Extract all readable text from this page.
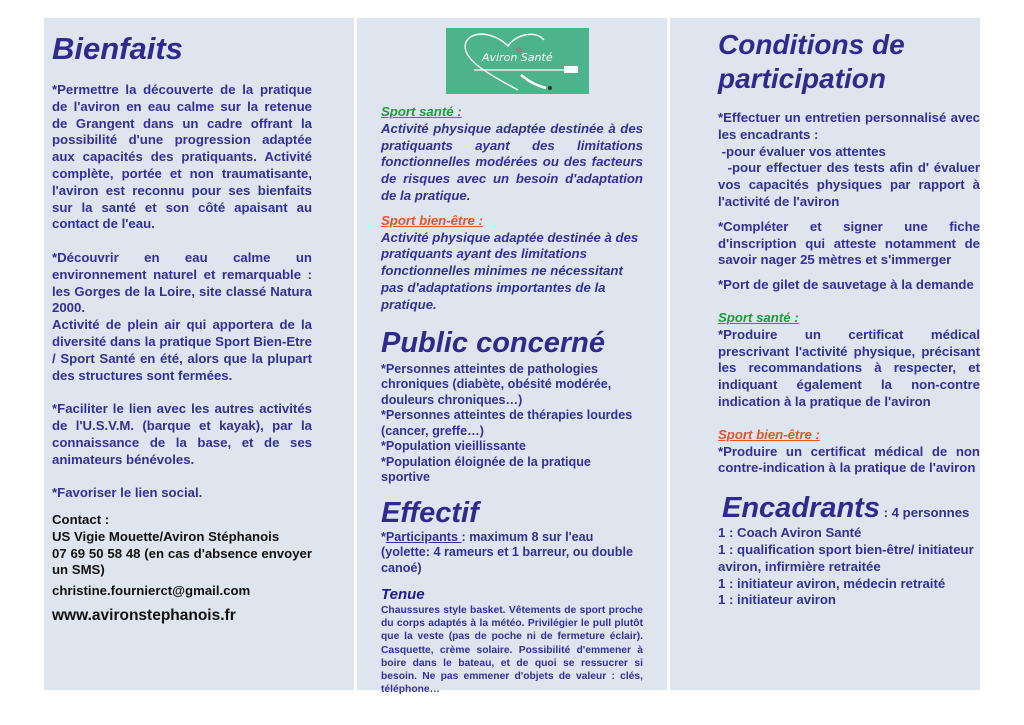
Bienfaits

*Permettre la découverte de la pratique de l'aviron en eau calme sur la retenue de Grangent dans un cadre offrant la possibilité d'une progression adaptée aux capacités des pratiquants. Activité complète, portée et non traumatisante, l'aviron est reconnu pour ses bienfaits sur la santé et son côté apaisant au contact de l'eau.

*Découvrir en eau calme un environnement naturel et remarquable : les Gorges de la Loire, site classé Natura 2000.

Activité de plein air qui apportera de la diversité dans la pratique Sport Bien-Etre / Sport Santé en été, alors que la plupart des structures sont fermées.

*Faciliter le lien avec les autres activités de l'U.S.V.M. (barque et kayak), par la connaissance de la base, et de ses animateurs bénévoles.

*Favoriser le lien social.

Contact :

US Vigie Mouette/Aviron Stéphanois

07 69 50 58 48 (en cas d'absence envoyer un SMS)

christine.fournierct@gmail.com

www.avironstephanois.fr

Aviron Santé
Sport santé :

Activité physique adaptée destinée à des pratiquants ayant des limitations fonctionnelles modérées ou des facteurs de risques avec un besoin d'adaptation de la pratique.

Sport bien-être :

Activité physique adaptée destinée à des pratiquants ayant des limitations fonctionnelles minimes ne nécessitant pas d'adaptations importantes de la pratique.

Public concerné

*Personnes atteintes de pathologies chroniques (diabète, obésité modérée, douleurs chroniques…)

*Personnes atteintes de thérapies lourdes (cancer, greffe…)

*Population vieillissante

*Population éloignée de la pratique sportive

Effectif

*Participants : maximum 8 sur l'eau (yolette: 4 rameurs et 1 barreur, ou double canoé)

Tenue

Chaussures style basket. Vêtements de sport proche du corps adaptés à la météo. Privilégier le pull plutôt que la veste (pas de poche ni de fermeture éclair). Casquette, crème solaire. Possibilité d'emmener à boire dans le bateau, et de quoi se ressucrer si besoin. Ne pas emmener d'objets de valeur : clés, téléphone…

Conditions de participation

*Effectuer un entretien personnalisé avec les encadrants :

-pour évaluer vos attentes

-pour effectuer des tests afin d' évaluer  vos capacités physiques par rapport à l'activité de l'aviron

*Compléter et signer une fiche d'inscription qui atteste notamment de savoir nager 25 mètres et s'immerger

*Port de gilet de sauvetage à la demande

Sport santé :

*Produire un certificat médical prescrivant l'activité physique, précisant les recommandations à respecter, et indiquant également la non-contre indication à la pratique de l'aviron

Sport bien-être :

*Produire un certificat médical de non contre-indication à la pratique de l'aviron

Encadrants : 4 personnes

1 : Coach Aviron Santé

1 : qualification sport bien-être/ initiateur aviron, infirmière retraitée

1 : initiateur aviron, médecin retraité

1 : initiateur aviron
